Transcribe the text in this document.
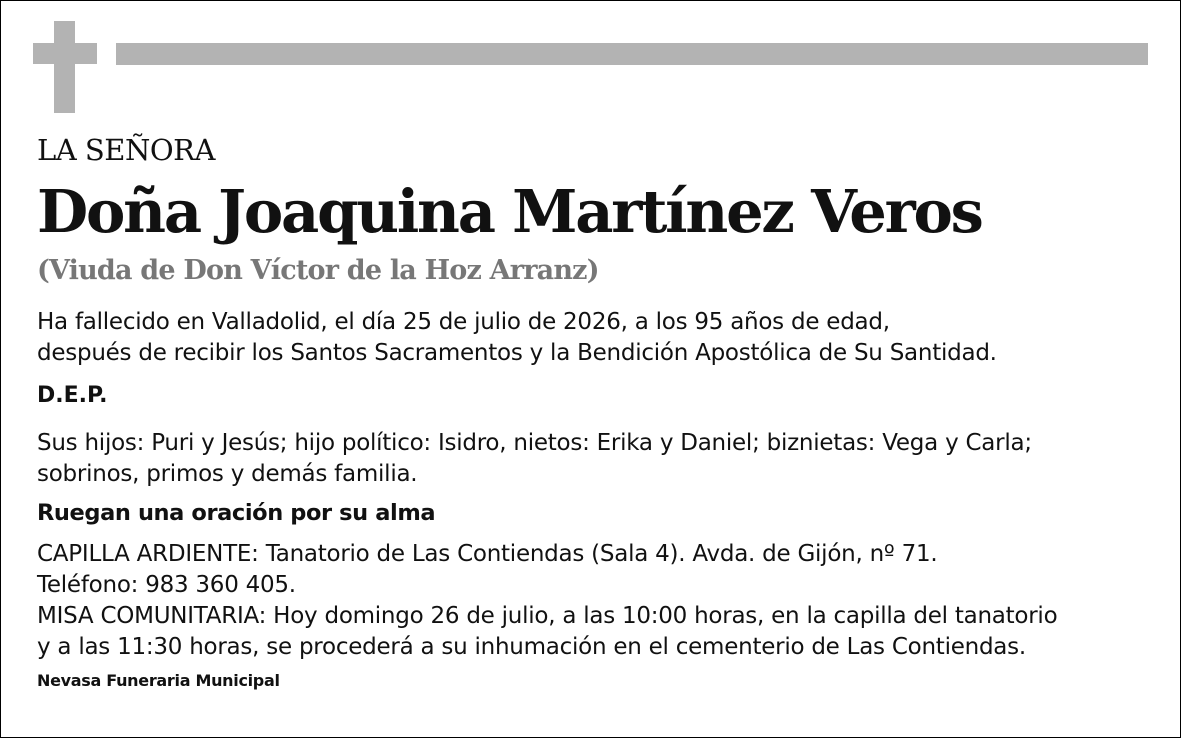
LA SEÑORA
Doña Joaquina Martínez Veros
(Viuda de Don Víctor de la Hoz Arranz)
Ha fallecido en Valladolid, el día 25 de julio de 2026, a los 95 años de edad,
después de recibir los Santos Sacramentos y la Bendición Apostólica de Su Santidad.
D.E.P.
Sus hijos: Puri y Jesús; hijo político: Isidro, nietos: Erika y Daniel; biznietas: Vega y Carla;
sobrinos, primos y demás familia.
Ruegan una oración por su alma
CAPILLA ARDIENTE: Tanatorio de Las Contiendas (Sala 4). Avda. de Gijón, nº 71.
Teléfono: 983 360 405.
MISA COMUNITARIA: Hoy domingo 26 de julio, a las 10:00 horas, en la capilla del tanatorio
y a las 11:30 horas, se procederá a su inhumación en el cementerio de Las Contiendas.
Nevasa Funeraria Municipal
